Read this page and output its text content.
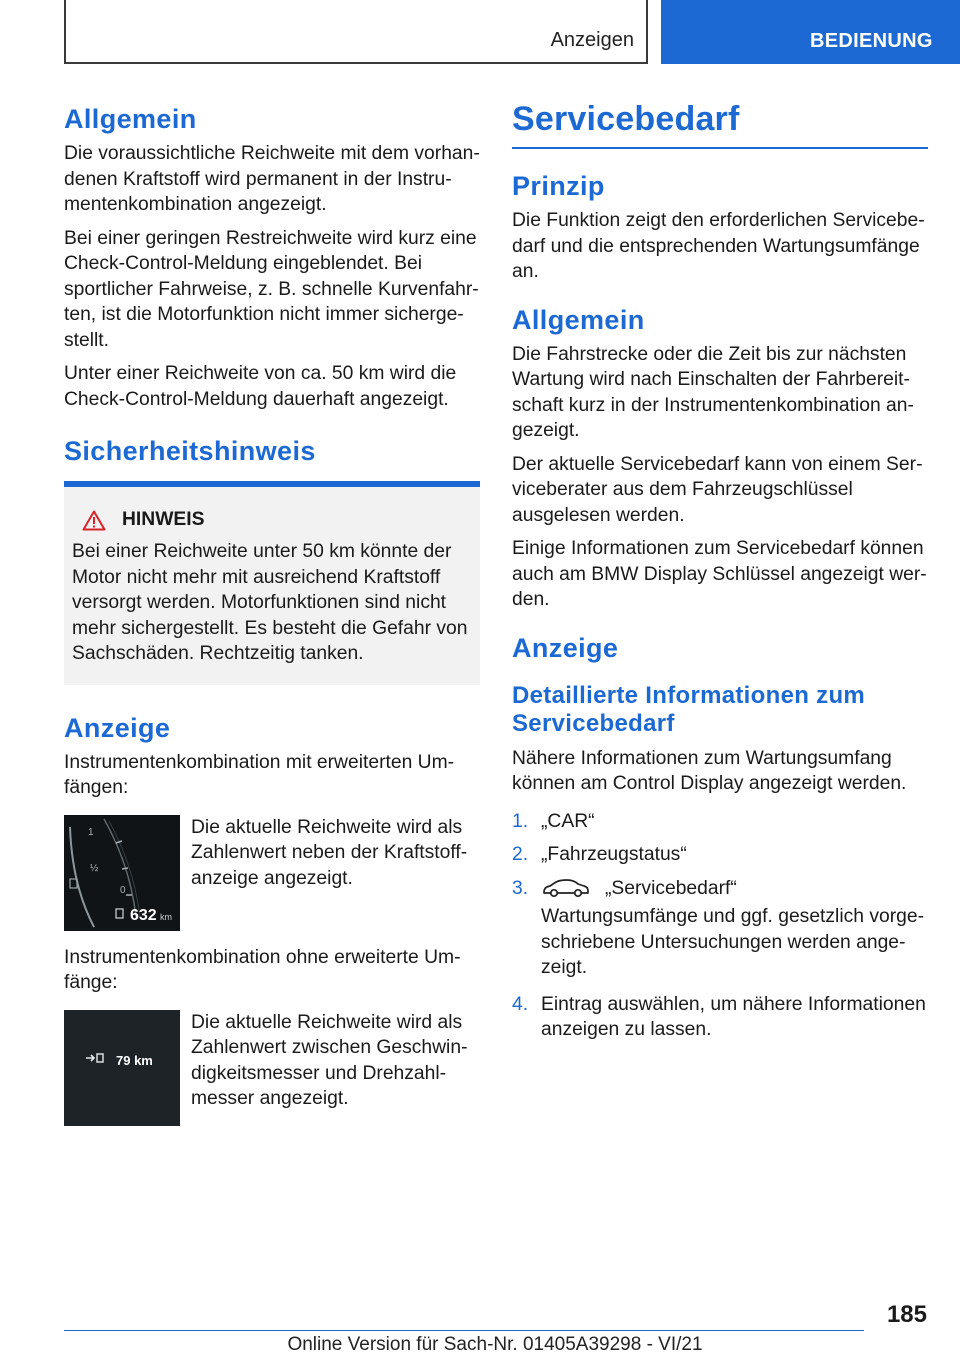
Anzeigen	BEDIENUNG
Allgemein

Die voraussichtliche Reichweite mit dem vorhandenen Kraftstoff wird permanent in der Instrumentenkombination angezeigt.

Bei einer geringen Restreichweite wird kurz eine Check-Control-Meldung eingeblendet. Bei sportlicher Fahrweise, z. B. schnelle Kurvenfahrten, ist die Motorfunktion nicht immer sichergestellt.

Unter einer Reichweite von ca. 50 km wird die Check-Control-Meldung dauerhaft angezeigt.

Sicherheitshinweis
HINWEIS

Bei einer Reichweite unter 50 km könnte der Motor nicht mehr mit ausreichend Kraftstoff versorgt werden. Motorfunktionen sind nicht mehr sichergestellt. Es besteht die Gefahr von Sachschäden. Rechtzeitig tanken.

Anzeige

Instrumentenkombination mit erweiterten Umfängen:

1
½
0
632 km

Die aktuelle Reichweite wird als Zahlenwert neben der Kraftstoffanzeige angezeigt.

Instrumentenkombination ohne erweiterte Umfänge:

79 km

Die aktuelle Reichweite wird als Zahlenwert zwischen Geschwindigkeitsmesser und Drehzahlmesser angezeigt.

Servicebedarf
Prinzip

Die Funktion zeigt den erforderlichen Servicebedarf und die entsprechenden Wartungsumfänge an.

Allgemein

Die Fahrstrecke oder die Zeit bis zur nächsten Wartung wird nach Einschalten der Fahrbereitschaft kurz in der Instrumentenkombination angezeigt.

Der aktuelle Servicebedarf kann von einem Serviceberater aus dem Fahrzeugschlüssel ausgelesen werden.

Einige Informationen zum Servicebedarf können auch am BMW Display Schlüssel angezeigt werden.

Anzeige
Detaillierte Informationen zum Servicebedarf

Nähere Informationen zum Wartungsumfang können am Control Display angezeigt werden.

1. „CAR“
2. „Fahrzeugstatus“
3.	„Servicebedarf“
Wartungsumfänge und ggf. gesetzlich vorgeschriebene Untersuchungen werden angezeigt.
4. Eintrag auswählen, um nähere Informationen anzeigen zu lassen.
185
Online Version für Sach-Nr. 01405A39298 - VI/21
